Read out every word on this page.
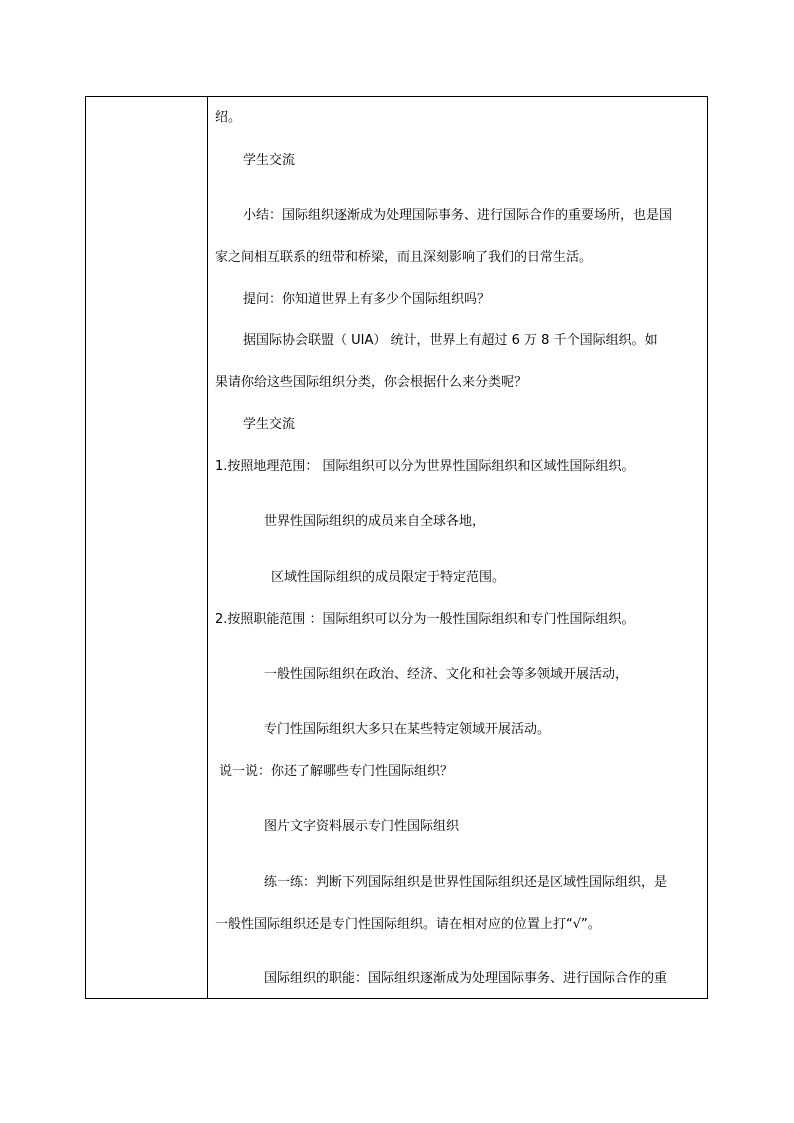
绍。
学生交流
小结：国际组织逐渐成为处理国际事务、进行国际合作的重要场所，也是国
家之间相互联系的纽带和桥梁，而且深刻影响了我们的日常生活。
提问：你知道世界上有多少个国际组织吗？
据国际协会联盟（ UIA） 统计，世界上有超过 6 万 8 千个国际组织。如
果请你给这些国际组织分类，你会根据什么来分类呢？
学生交流
1.按照地理范围： 国际组织可以分为世界性国际组织和区域性国际组织。
世界性国际组织的成员来自全球各地，
区域性国际组织的成员限定于特定范围。
2.按照职能范围 ：国际组织可以分为一般性国际组织和专门性国际组织。
一般性国际组织在政治、经济、文化和社会等多领域开展活动，
专门性国际组织大多只在某些特定领域开展活动。
说一说：你还了解哪些专门性国际组织？
图片文字资料展示专门性国际组织
练一练：判断下列国际组织是世界性国际组织还是区域性国际组织，是
一般性国际组织还是专门性国际组织。请在相对应的位置上打“√”。
国际组织的职能：国际组织逐渐成为处理国际事务、进行国际合作的重
